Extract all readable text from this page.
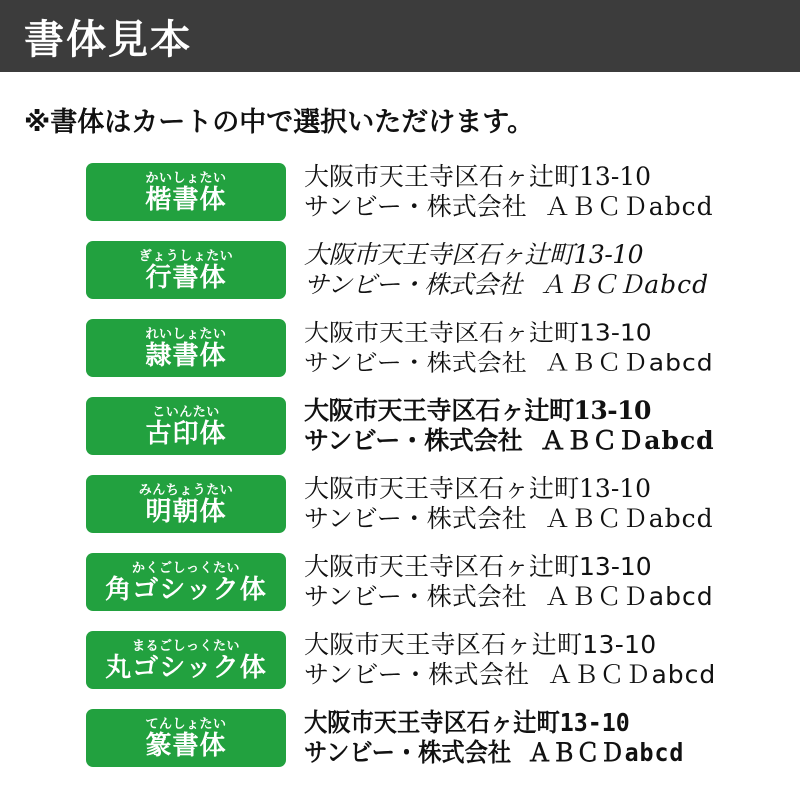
書体見本
※書体はカートの中で選択いただけます。
かいしょたい
楷書体
大阪市天王寺区石ヶ辻町13-10
サンビー・株式会社 ＡＢＣＤabcd
ぎょうしょたい
行書体
大阪市天王寺区石ヶ辻町13-10
サンビー・株式会社 ＡＢＣＤabcd
れいしょたい
隷書体
大阪市天王寺区石ヶ辻町13-10
サンビー・株式会社 ＡＢＣＤabcd
こいんたい
古印体
大阪市天王寺区石ヶ辻町13-10
サンビー・株式会社 ＡＢＣＤabcd
みんちょうたい
明朝体
大阪市天王寺区石ヶ辻町13-10
サンビー・株式会社 ＡＢＣＤabcd
かくごしっくたい
角ゴシック体
大阪市天王寺区石ヶ辻町13-10
サンビー・株式会社 ＡＢＣＤabcd
まるごしっくたい
丸ゴシック体
大阪市天王寺区石ヶ辻町13-10
サンビー・株式会社 ＡＢＣＤabcd
てんしょたい
篆書体
大阪市天王寺区石ヶ辻町13-10
サンビー・株式会社 ＡＢＣＤabcd
